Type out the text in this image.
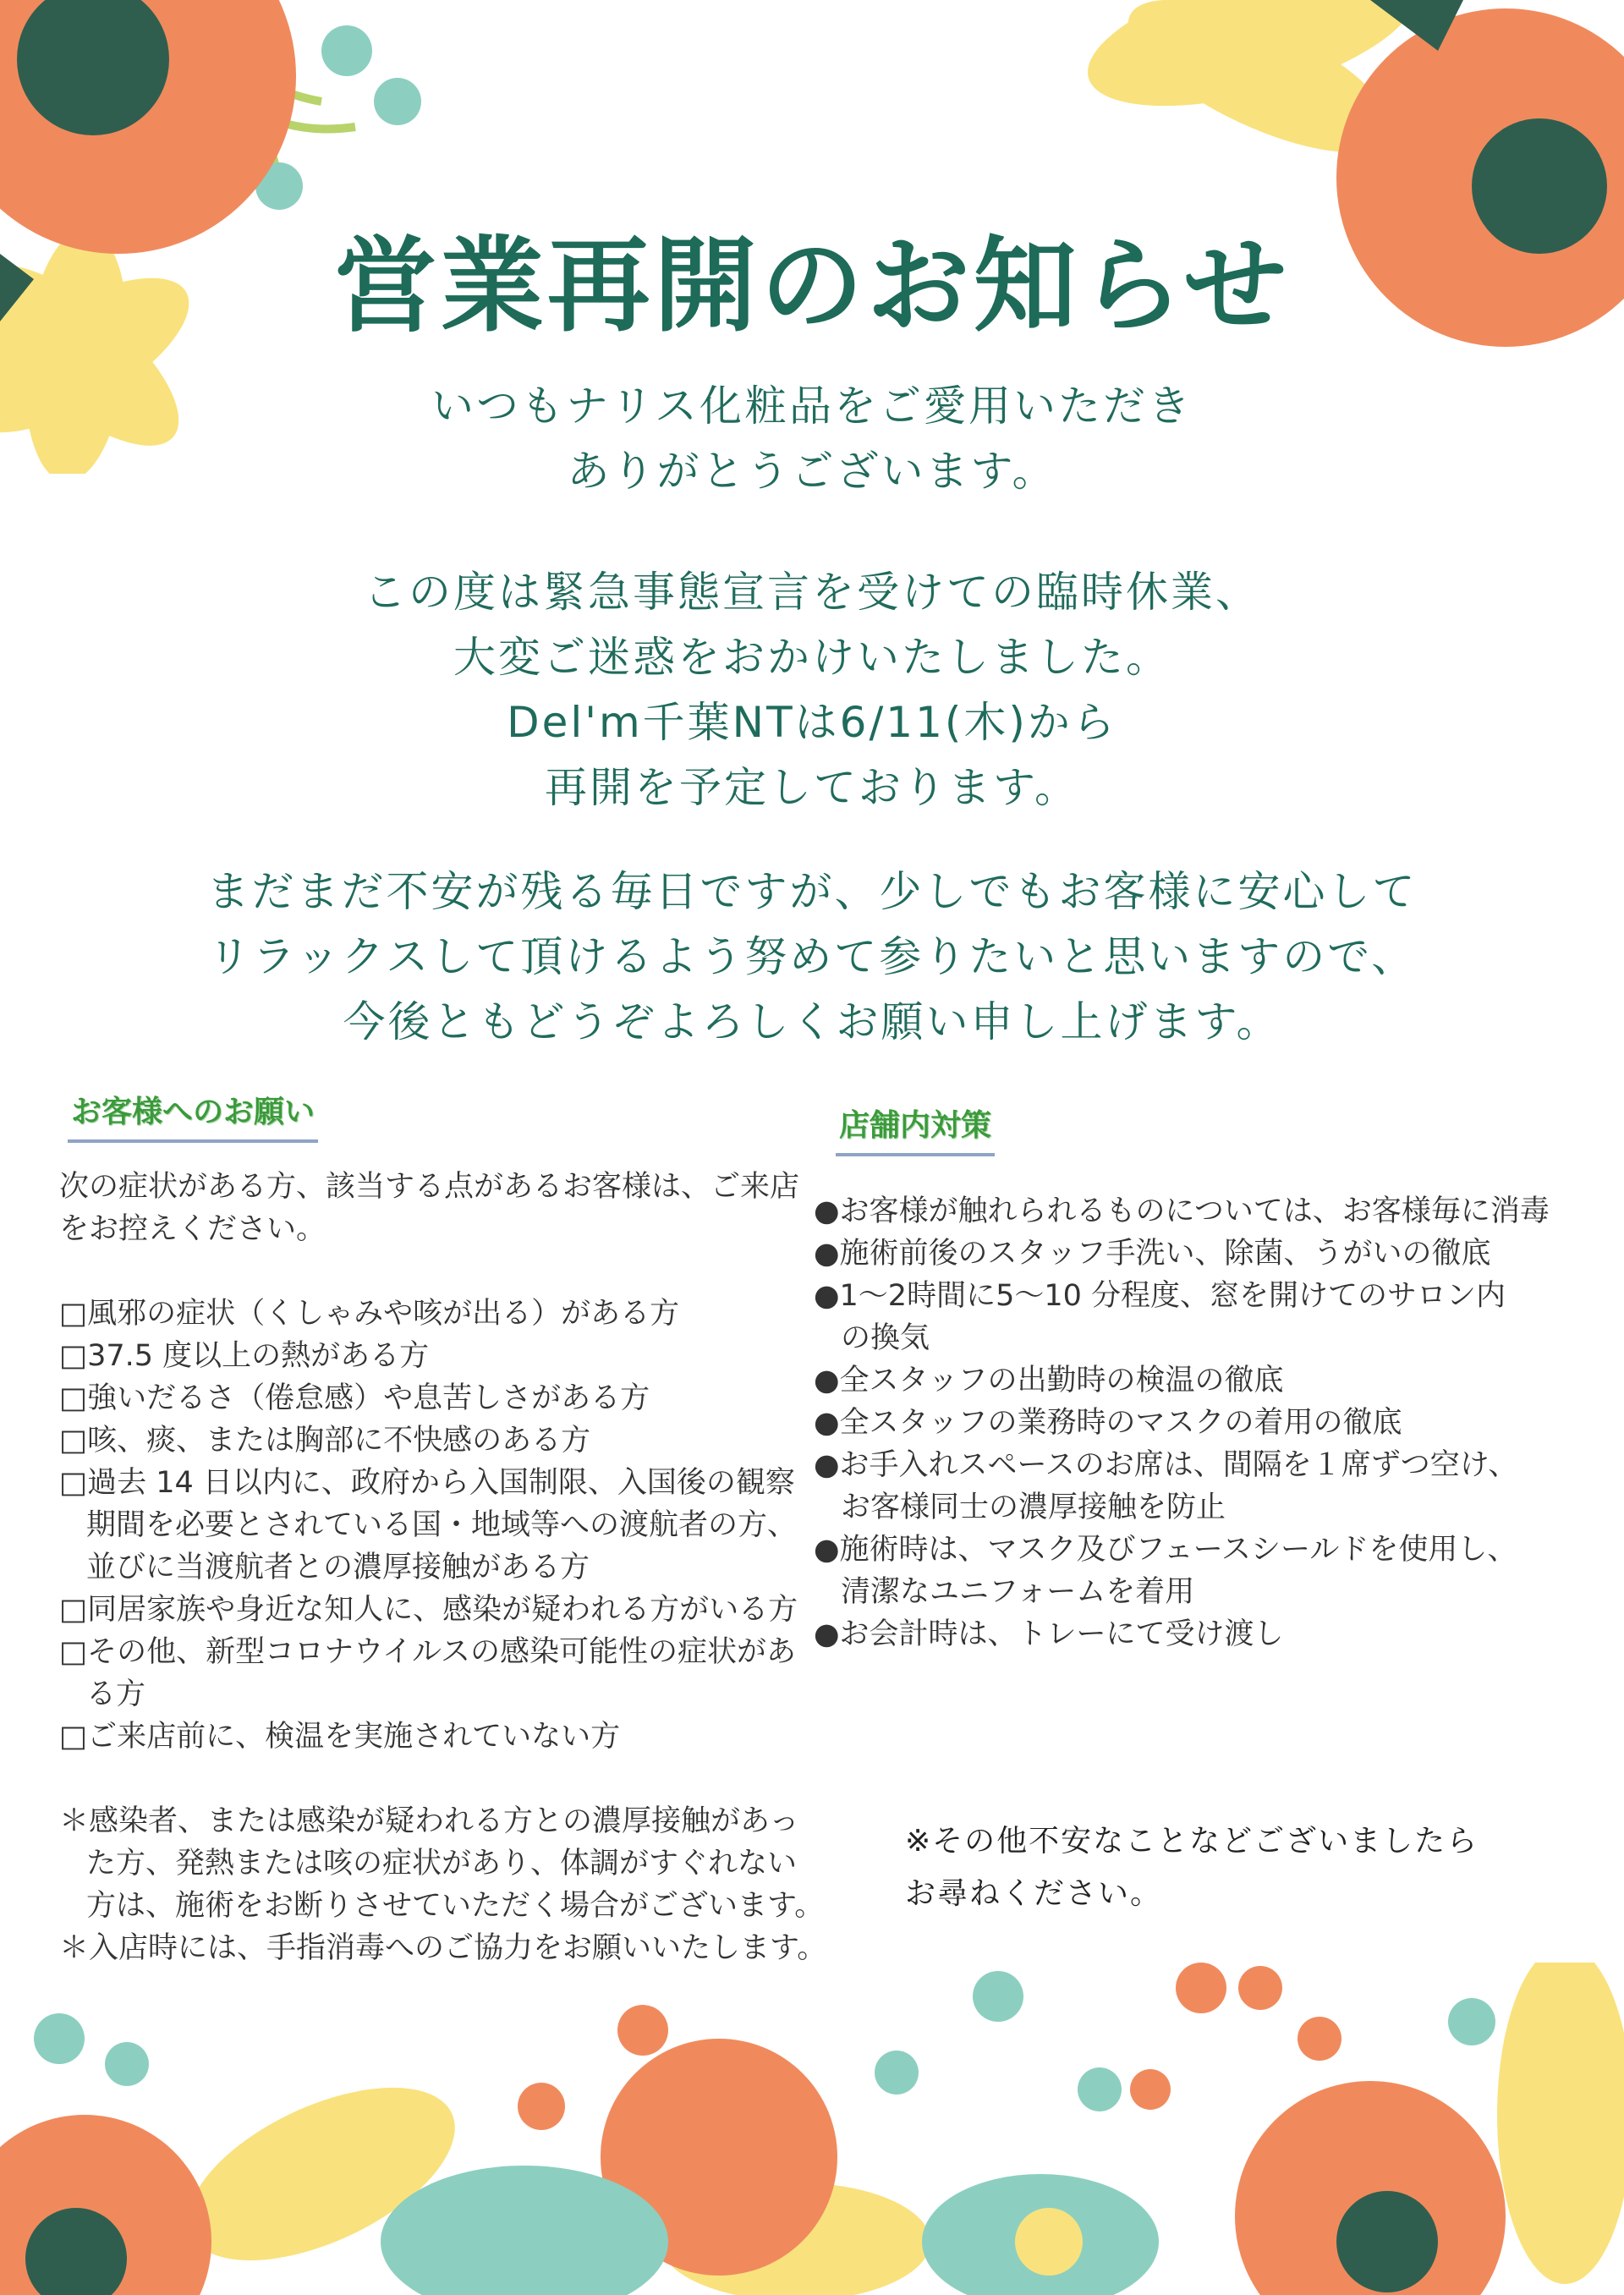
営業再開のお知らせ
いつもナリス化粧品をご愛用いただき
ありがとうございます。
この度は緊急事態宣言を受けての臨時休業、
大変ご迷惑をおかけいたしました。
Del'm千葉NTは6/11(木)から
再開を予定しております。
まだまだ不安が残る毎日ですが、少しでもお客様に安心して
リラックスして頂けるよう努めて参りたいと思いますので、
今後ともどうぞよろしくお願い申し上げます。
お客様へのお願い
次の症状がある方、該当する点があるお客様は、ご来店
をお控えください。
□風邪の症状（くしゃみや咳が出る）がある方
□37.5 度以上の熱がある方
□強いだるさ（倦怠感）や息苦しさがある方
□咳、痰、または胸部に不快感のある方
□過去 14 日以内に、政府から入国制限、入国後の観察
期間を必要とされている国・地域等への渡航者の方、
並びに当渡航者との濃厚接触がある方
□同居家族や身近な知人に、感染が疑われる方がいる方
□その他、新型コロナウイルスの感染可能性の症状があ
る方
□ご来店前に、検温を実施されていない方
＊感染者、または感染が疑われる方との濃厚接触があっ
た方、発熱または咳の症状があり、体調がすぐれない
方は、施術をお断りさせていただく場合がございます。
＊入店時には、手指消毒へのご協力をお願いいたします。
店舗内対策
●お客様が触れられるものについては、お客様毎に消毒
●施術前後のスタッフ手洗い、除菌、うがいの徹底
●1～2時間に5～10 分程度、窓を開けてのサロン内
の換気
●全スタッフの出勤時の検温の徹底
●全スタッフの業務時のマスクの着用の徹底
●お手入れスペースのお席は、間隔を１席ずつ空け、
お客様同士の濃厚接触を防止
●施術時は、マスク及びフェースシールドを使用し、
清潔なユニフォームを着用
●お会計時は、トレーにて受け渡し
※その他不安なことなどございましたら
お尋ねください。
